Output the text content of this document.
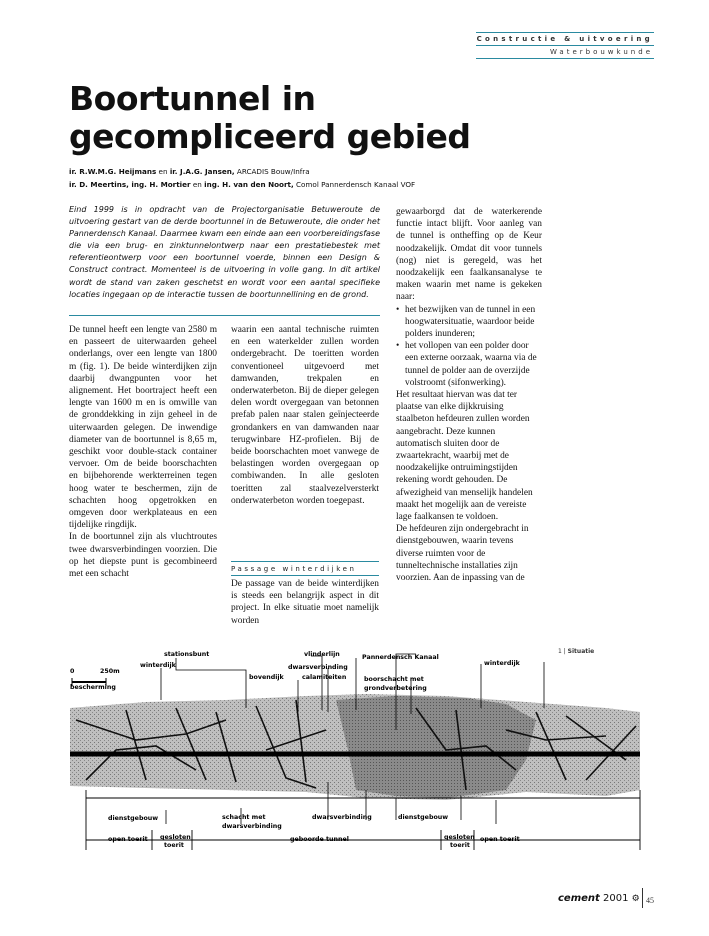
Constructie & uitvoering
Waterbouwkunde
Boortunnel in
gecompliceerd gebied
ir. R.W.M.G. Heijmans en ir. J.A.G. Jansen, ARCADIS Bouw/Infra
ir. D. Meertins, ing. H. Mortier en ing. H. van den Noort, Comol Pannerdensch Kanaal VOF

Eind 1999 is in opdracht van de Projectorganisatie Betuweroute de uitvoering gestart van de derde boortunnel in de Betuweroute, die onder het Pannerdensch Kanaal. Daarmee kwam een einde aan een voorbereidingsfase die via een brug- en zinktunnelontwerp naar een prestatiebestek met referentieontwerp voor een boortunnel voerde, binnen een Design & Construct contract. Momenteel is de uitvoering in volle gang. In dit artikel wordt de stand van zaken geschetst en wordt voor een aantal specifieke locaties ingegaan op de interactie tussen de boortunnellining en de grond.

De tunnel heeft een lengte van 2580 m en passeert de uiterwaarden geheel onderlangs, over een lengte van 1800 m (fig. 1). De beide winterdijken zijn daarbij dwangpunten voor het alignement. Het boortraject heeft een lengte van 1600 m en is omwille van de gronddekking in zijn geheel in de uiterwaarden gelegen. De inwendige diameter van de boortunnel is 8,65 m, geschikt voor double-stack container vervoer. Om de beide boorschachten en bijbehorende werkterreinen tegen hoog water te beschermen, zijn de schachten hoog opgetrokken en omgeven door werkplateaus en een tijdelijke ringdijk.

In de boortunnel zijn als vluchtroutes twee dwarsverbindingen voorzien. Die op het diepste punt is gecombineerd met een schacht

waarin een aantal technische ruimten en een waterkelder zullen worden ondergebracht. De toeritten worden conventioneel uitgevoerd met damwanden, trekpalen en onderwaterbeton. Bij de dieper gelegen delen wordt overgegaan van betonnen prefab palen naar stalen geïnjecteerde grondankers en van damwanden naar terugwinbare HZ-profielen. Bij de beide boorschachten moet vanwege de belastingen worden overgegaan op combiwanden. In alle gesloten toeritten zal staalvezelversterkt onderwaterbeton worden toegepast.

Passage winterdijken

De passage van de beide winterdijken is steeds een belangrijk aspect in dit project. In elke situatie moet namelijk worden

gewaarborgd dat de waterkerende functie intact blijft. Voor aanleg van de tunnel is ontheffing op de Keur noodzakelijk. Omdat dit voor tunnels (nog) niet is geregeld, was het noodzakelijk een faalkansanalyse te maken waarin met name is gekeken naar:

• het bezwijken van de tunnel in een hoogwatersituatie, waardoor beide polders inunderen;
• het vollopen van een polder door een externe oorzaak, waarna via de tunnel de polder aan de overzijde volstroomt (sifonwerking).

Het resultaat hiervan was dat ter plaatse van elke dijkkruising staalbeton hefdeuren zullen worden aangebracht. Deze kunnen automatisch sluiten door de zwaartekracht, waarbij met de noodzakelijke ontruimingstijden rekening wordt gehouden. De afwezigheid van menselijk handelen maakt het mogelijk aan de vereiste lage faalkansen te voldoen.

De hefdeuren zijn ondergebracht in dienstgebouwen, waarin tevens diverse ruimten voor de tunneltechnische installaties zijn voorzien. Aan de inpassing van de

1 | Situatie
stationsbunt
winterdijk
vlinderlijn
dwarsverbinding
Pannerdensch Kanaal
winterdijk
bovendijk	calamiteiten	boorschacht met
grondverbetering
0	250m
bescherming
dienstgebouw	schacht met
dwarsverbinding
dwarsverbinding	dienstgebouw
open toerit gesloten
toerit
geboorde tunnel	gesloten
toerit
open toerit
cement 2001 ⚙ 45
